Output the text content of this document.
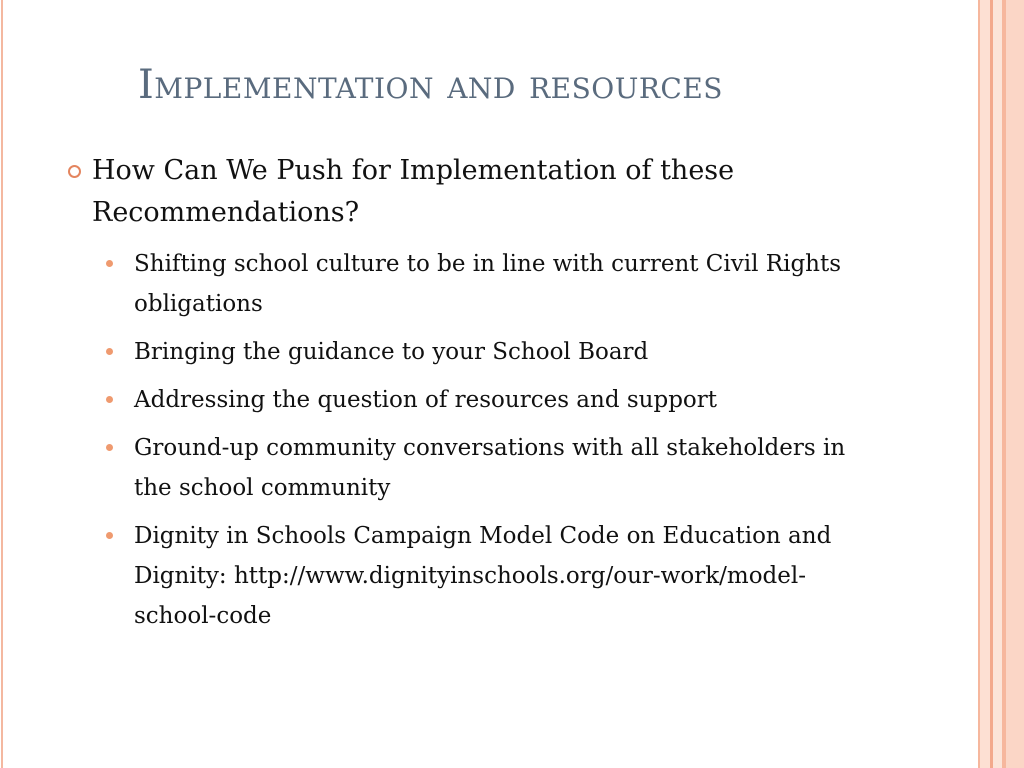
Implementation and resources
How Can We Push for Implementation of these Recommendations?
Shifting school culture to be in line with current Civil Rights obligations
Bringing the guidance to your School Board
Addressing the question of resources and support
Ground-up community conversations with all stakeholders in the school community
Dignity in Schools Campaign Model Code on Education and Dignity: http://www.dignityinschools.org/our-work/model-school-code
